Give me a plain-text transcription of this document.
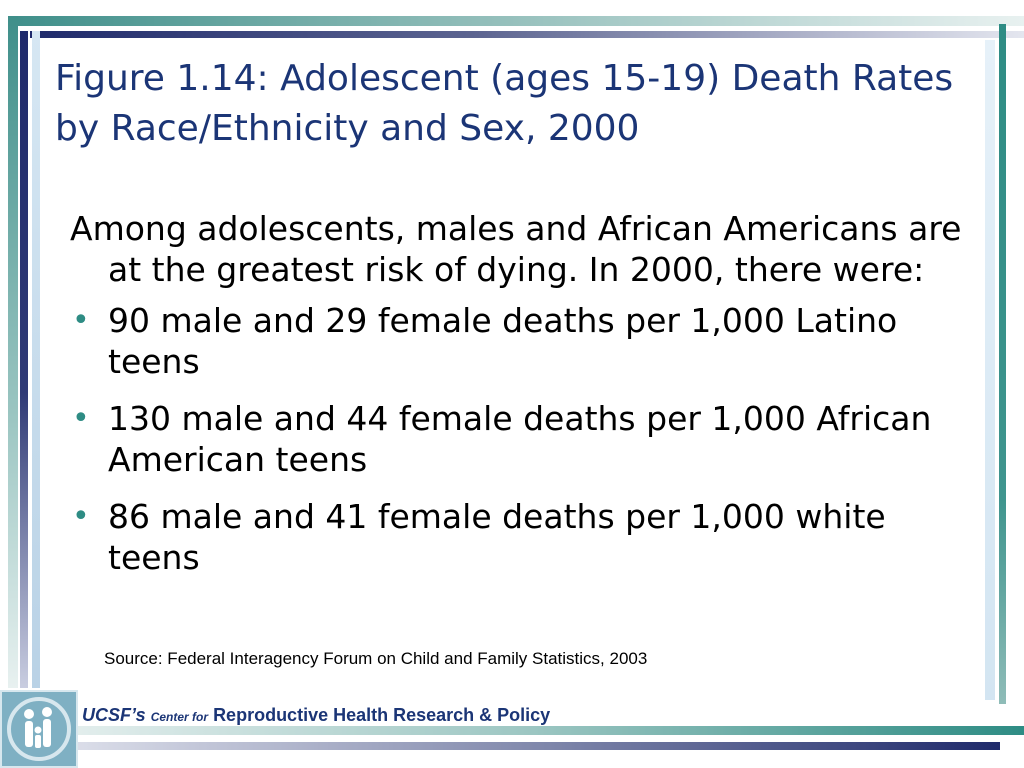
Figure 1.14: Adolescent (ages 15-19) Death Rates by Race/Ethnicity and Sex, 2000

Among adolescents, males and African Americans are at the greatest risk of dying. In 2000, there were:

• 90 male and 29 female deaths per 1,000 Latino teens
• 130 male and 44 female deaths per 1,000 African American teens
• 86 male and 41 female deaths per 1,000 white teens
Source: Federal Interagency Forum on Child and Family Statistics, 2003
UCSF’s Center for Reproductive Health Research & Policy
